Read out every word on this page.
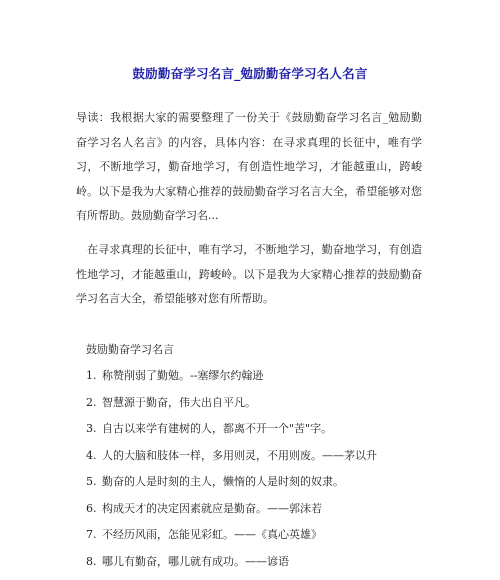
鼓励勤奋学习名言_勉励勤奋学习名人名言

导读：我根据大家的需要整理了一份关于《鼓励勤奋学习名言_勉励勤奋学习名人名言》的内容，具体内容：在寻求真理的长征中，唯有学习，不断地学习，勤奋地学习，有创造性地学习，才能越重山，跨峻岭。以下是我为大家精心推荐的鼓励勤奋学习名言大全，希望能够对您有所帮助。鼓励勤奋学习名...

在寻求真理的长征中，唯有学习，不断地学习，勤奋地学习，有创造性地学习，才能越重山，跨峻岭。以下是我为大家精心推荐的鼓励勤奋学习名言大全，希望能够对您有所帮助。

鼓励勤奋学习名言

1. 称赞削弱了勤勉。--塞缪尔约翰逊
2. 智慧源于勤奋，伟大出自平凡。
3. 自古以来学有建树的人，都离不开一个"苦"字。
4. 人的大脑和肢体一样，多用则灵，不用则废。——茅以升
5. 勤奋的人是时刻的主人，懒惰的人是时刻的奴隶。
6. 构成天才的决定因素就应是勤奋。——郭沫若
7. 不经历风雨，怎能见彩虹。——《真心英雄》
8. 哪儿有勤奋，哪儿就有成功。——谚语
